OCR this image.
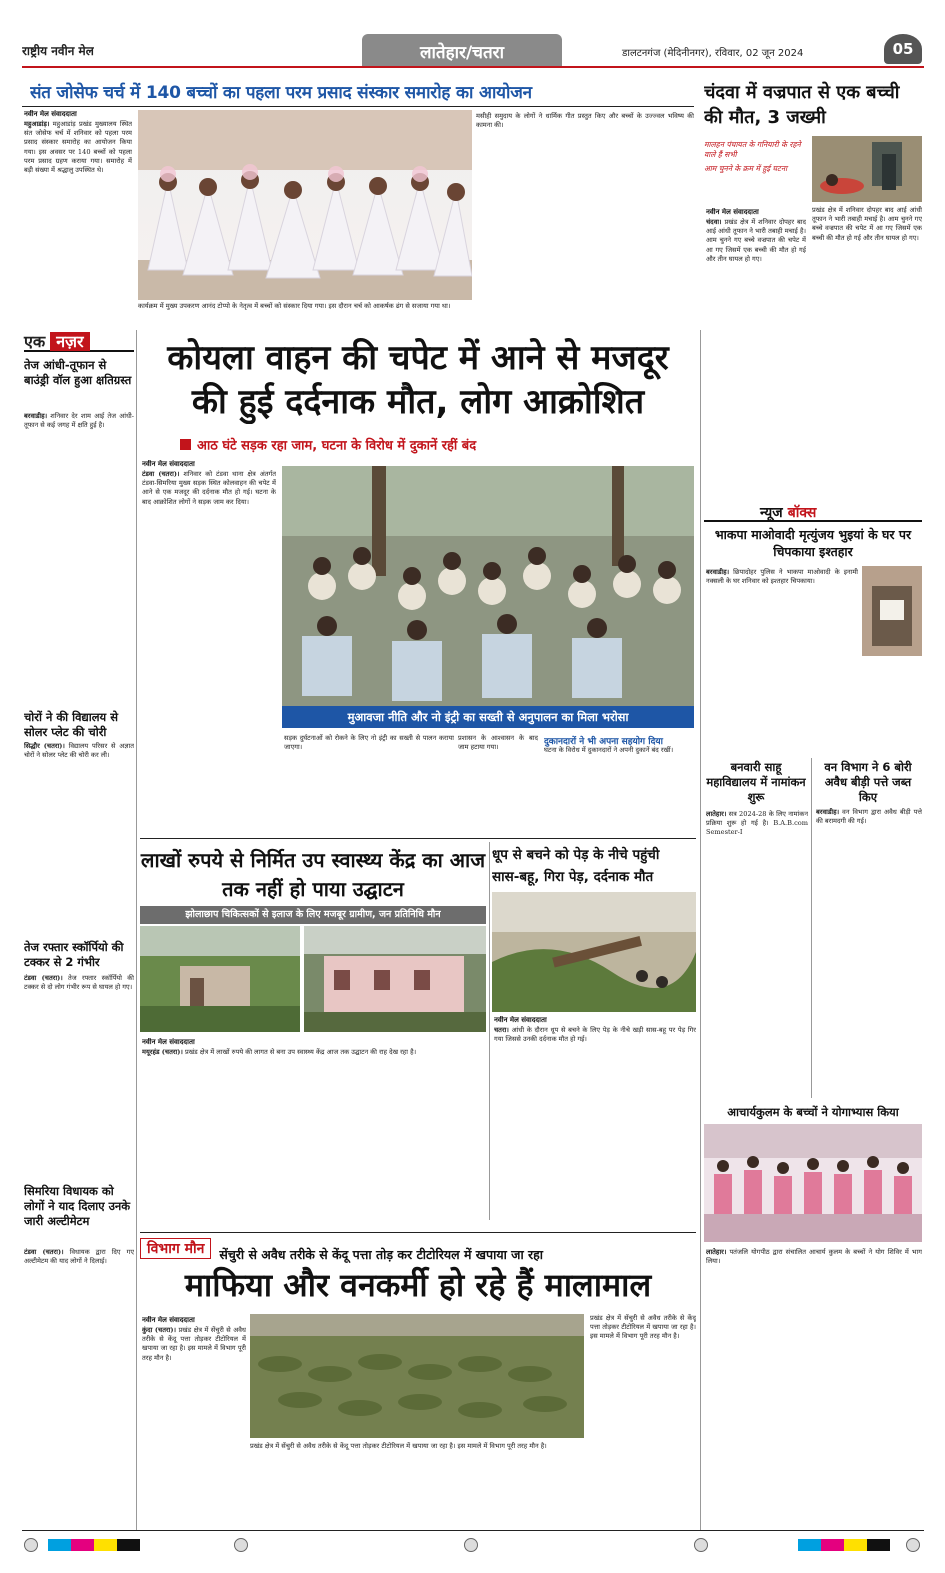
राष्ट्रीय नवीन मेल	लातेहार/चतरा	डालटनगंज (मेदिनीनगर), रविवार, 02 जून 2024	05
संत जोसेफ चर्च में 140 बच्चों का पहला परम प्रसाद संस्कार समारोह का आयोजन
नवीन मेल संवाददाता
महुआडांड़। महुआडांड़ प्रखंड मुख्यालय स्थित संत जोसेफ चर्च में शनिवार को पहला परम प्रसाद संस्कार समारोह का आयोजन किया गया। इस अवसर पर 140 बच्चों को पहला परम प्रसाद ग्रहण कराया गया। समारोह में बड़ी संख्या में श्रद्धालु उपस्थित थे।
कार्यक्रम में मुख्य उपकरण आनंद टोप्पो के नेतृत्व में बच्चों को संस्कार दिया गया। इस दौरान चर्च को आकर्षक ढंग से सजाया गया था।
मसीही समुदाय के लोगों ने धार्मिक गीत प्रस्तुत किए और बच्चों के उज्ज्वल भविष्य की कामना की।
चंदवा में वज्रपात से एक बच्ची की मौत, 3 जख्मी
मालहन पंचायत के गनियारी के रहने वाले हैं सभी
आम चुनने के क्रम में हुई घटना
नवीन मेल संवाददाता
चंदवा। प्रखंड क्षेत्र में शनिवार दोपहर बाद आई आंधी तूफान ने भारी तबाही मचाई है। आम चुनने गए बच्चे वज्रपात की चपेट में आ गए जिसमें एक बच्ची की मौत हो गई और तीन घायल हो गए।
प्रखंड क्षेत्र में शनिवार दोपहर बाद आई आंधी तूफान ने भारी तबाही मचाई है। आम चुनने गए बच्चे वज्रपात की चपेट में आ गए जिसमें एक बच्ची की मौत हो गई और तीन घायल हो गए।
एक नज़र
तेज आंधी-तूफान से बाउंड्री वॉल हुआ क्षतिग्रस्त
बरवाडीह। शनिवार देर शाम आई तेज आंधी-तूफान से कई जगह में क्षति हुई है।
चोरों ने की विद्यालय से सोलर प्लेट की चोरी
सिद्धौर (चतरा)। विद्यालय परिसर से अज्ञात चोरों ने सोलर प्लेट की चोरी कर ली।
तेज रफ्तार स्कॉर्पियो की टक्कर से 2 गंभीर
टंडवा (चतरा)। तेज रफ्तार स्कॉर्पियो की टक्कर से दो लोग गंभीर रूप से घायल हो गए।
सिमरिया विधायक को लोगों ने याद दिलाए उनके जारी अल्टीमेटम
टंडवा (चतरा)। विधायक द्वारा दिए गए अल्टीमेटम की याद लोगों ने दिलाई।
कोयला वाहन की चपेट में आने से मजदूर
की हुई दर्दनाक मौत, लोग आक्रोशित
आठ घंटे सड़क रहा जाम, घटना के विरोध में दुकानें रहीं बंद
नवीन मेल संवाददाता
टंडवा (चतरा)। शनिवार को टंडवा थाना क्षेत्र अंतर्गत टंडवा-सिमरिया मुख्य सड़क स्थित कोलवाहन की चपेट में आने से एक मजदूर की दर्दनाक मौत हो गई। घटना के बाद आक्रोशित लोगों ने सड़क जाम कर दिया।
मुआवजा नीति और नो इंट्री का सख्ती से अनुपालन का मिला भरोसा
सड़क दुर्घटनाओं को रोकने के लिए नो इंट्री का सख्ती से पालन कराया जाएगा।
प्रशासन के आश्वासन के बाद जाम हटाया गया।
दुकानदारों ने भी अपना सहयोग दिया
घटना के विरोध में दुकानदारों ने अपनी दुकानें बंद रखीं।
लाखों रुपये से निर्मित उप स्वास्थ्य केंद्र का आज तक नहीं हो पाया उद्घाटन
झोलाछाप चिकित्सकों से इलाज के लिए मजबूर ग्रामीण, जन प्रतिनिधि मौन
नवीन मेल संवाददाता
मयूरहंड (चतरा)। प्रखंड क्षेत्र में लाखों रुपये की लागत से बना उप स्वास्थ्य केंद्र आज तक उद्घाटन की राह देख रहा है।
धूप से बचने को पेड़ के नीचे पहुंची
सास-बहू, गिरा पेड़, दर्दनाक मौत
नवीन मेल संवाददाता
चतरा। आंधी के दौरान धूप से बचने के लिए पेड़ के नीचे खड़ी सास-बहू पर पेड़ गिर गया जिससे उनकी दर्दनाक मौत हो गई।
न्यूज बॉक्स
भाकपा माओवादी मृत्युंजय भुइयां के घर पर चिपकाया इश्तहार
बरवाडीह। छिपादोहर पुलिस ने भाकपा माओवादी के इनामी नक्सली के घर शनिवार को इश्तहार चिपकाया।
बनवारी साहू महाविद्यालय में नामांकन शुरू
लातेहार। सत्र 2024-28 के लिए नामांकन प्रक्रिया शुरू हो गई है। B.A.B.com Semester-I
वन विभाग ने 6 बोरी अवैध बीड़ी पत्ते जब्त किए
बरवाडीह। वन विभाग द्वारा अवैध बीड़ी पत्ते की बरामदगी की गई।
आचार्यकुलम के बच्चों ने योगाभ्यास किया
लातेहार। पतंजलि योगपीठ द्वारा संचालित आचार्य कुलम के बच्चों ने योग शिविर में भाग लिया।
विभाग मौन सेंचुरी से अवैध तरीके से केंदू पत्ता तोड़ कर टीटोरियल में खपाया जा रहा
माफिया और वनकर्मी हो रहे हैं मालामाल
नवीन मेल संवाददाता
कुंदा (चतरा)। प्रखंड क्षेत्र में सेंचुरी से अवैध तरीके से केंदू पत्ता तोड़कर टीटोरियल में खपाया जा रहा है। इस मामले में विभाग पूरी तरह मौन है।
प्रखंड क्षेत्र में सेंचुरी से अवैध तरीके से केंदू पत्ता तोड़कर टीटोरियल में खपाया जा रहा है। इस मामले में विभाग पूरी तरह मौन है।
प्रखंड क्षेत्र में सेंचुरी से अवैध तरीके से केंदू पत्ता तोड़कर टीटोरियल में खपाया जा रहा है। इस मामले में विभाग पूरी तरह मौन है।
